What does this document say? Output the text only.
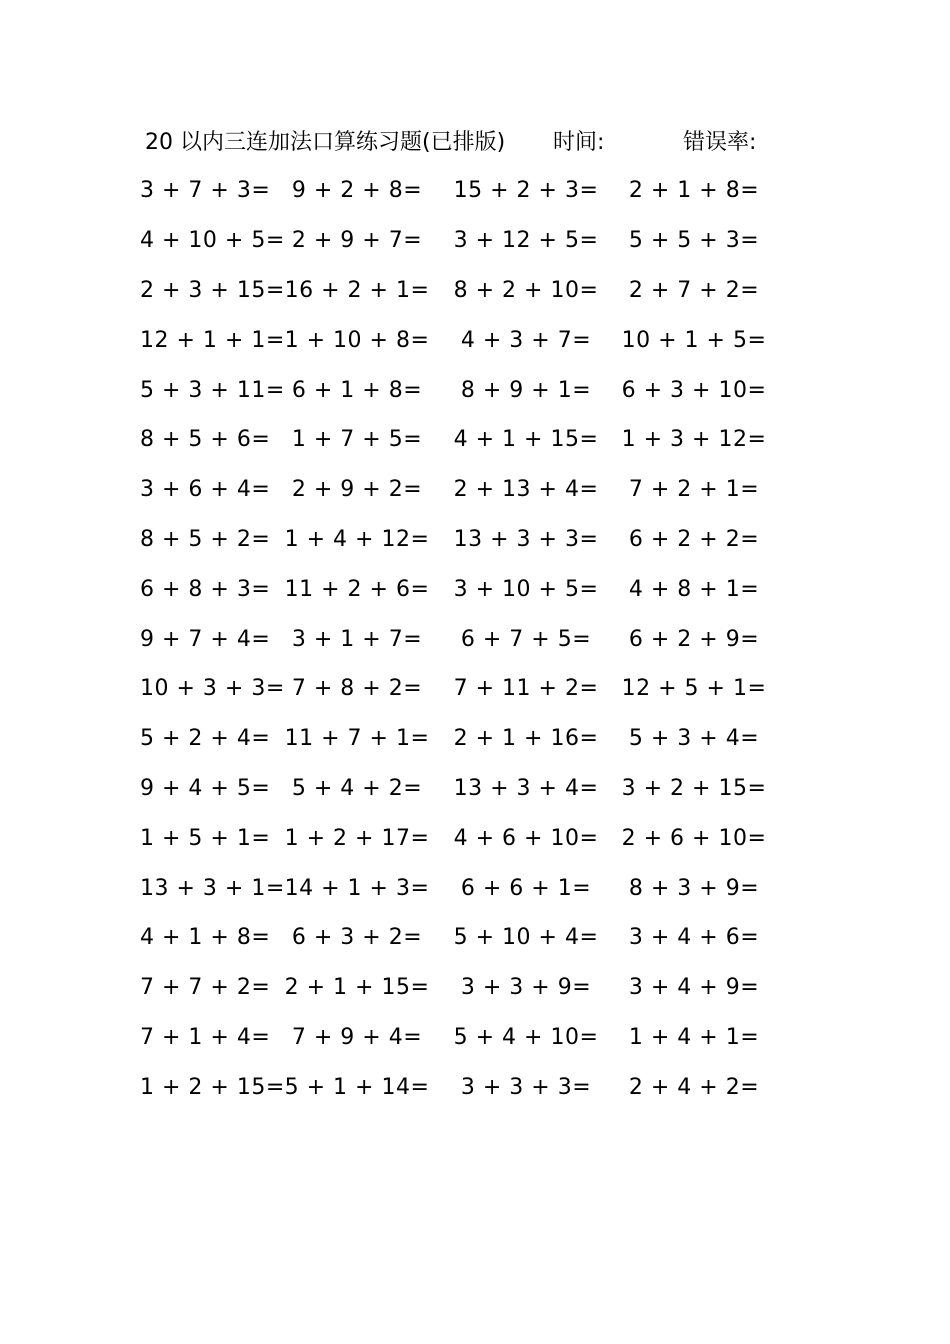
20 以内三连加法口算练习题(已排版) 时间:	错误率:
3 + 7 + 3= 9 + 2 + 8=	15 + 2 + 3=	2 + 1 + 8=
4 + 10 + 5= 2 + 9 + 7=	3 + 12 + 5=	5 + 5 + 3=
2 + 3 + 15= 16 + 2 + 1=	8 + 2 + 10=	2 + 7 + 2=
12 + 1 + 1= 1 + 10 + 8=	4 + 3 + 7=	10 + 1 + 5=
5 + 3 + 11= 6 + 1 + 8=	8 + 9 + 1=	6 + 3 + 10=
8 + 5 + 6= 1 + 7 + 5=	4 + 1 + 15=	1 + 3 + 12=
3 + 6 + 4= 2 + 9 + 2=	2 + 13 + 4=	7 + 2 + 1=
8 + 5 + 2= 1 + 4 + 12=	13 + 3 + 3=	6 + 2 + 2=
6 + 8 + 3= 11 + 2 + 6=	3 + 10 + 5=	4 + 8 + 1=
9 + 7 + 4= 3 + 1 + 7=	6 + 7 + 5=	6 + 2 + 9=
10 + 3 + 3= 7 + 8 + 2=	7 + 11 + 2=	12 + 5 + 1=
5 + 2 + 4= 11 + 7 + 1=	2 + 1 + 16=	5 + 3 + 4=
9 + 4 + 5= 5 + 4 + 2=	13 + 3 + 4=	3 + 2 + 15=
1 + 5 + 1= 1 + 2 + 17=	4 + 6 + 10=	2 + 6 + 10=
13 + 3 + 1= 14 + 1 + 3=	6 + 6 + 1=	8 + 3 + 9=
4 + 1 + 8= 6 + 3 + 2=	5 + 10 + 4=	3 + 4 + 6=
7 + 7 + 2= 2 + 1 + 15=	3 + 3 + 9=	3 + 4 + 9=
7 + 1 + 4= 7 + 9 + 4=	5 + 4 + 10=	1 + 4 + 1=
1 + 2 + 15= 5 + 1 + 14=	3 + 3 + 3=	2 + 4 + 2=
